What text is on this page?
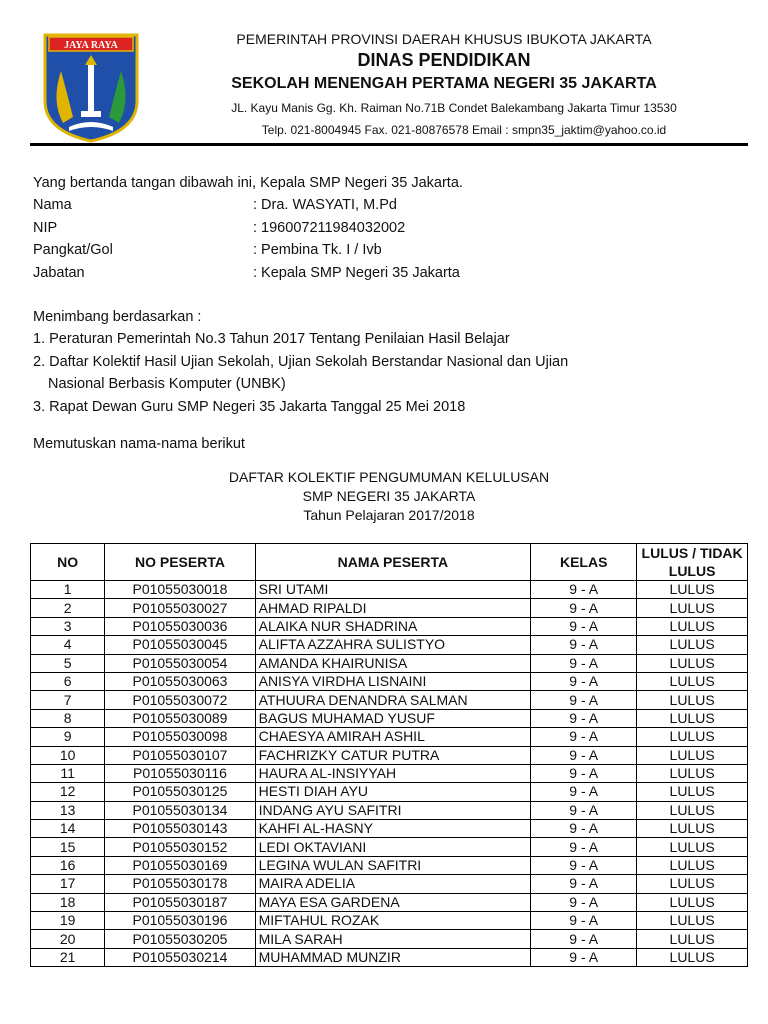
JAYA RAYA	PEMERINTAH PROVINSI DAERAH KHUSUS IBUKOTA JAKARTA
DINAS PENDIDIKAN
SEKOLAH MENENGAH PERTAMA NEGERI 35 JAKARTA
JL. Kayu Manis Gg. Kh. Raiman No.71B Condet Balekambang Jakarta Timur 13530
Telp. 021-8004945 Fax. 021-80876578 Email : smpn35_jaktim@yahoo.co.id
Yang bertanda tangan dibawah ini, Kepala SMP Negeri 35 Jakarta.
Nama	: Dra. WASYATI, M.Pd
NIP	: 196007211984032002
Pangkat/Gol	: Pembina Tk. I / Ivb
Jabatan	: Kepala SMP Negeri 35 Jakarta
Menimbang berdasarkan :
1. Peraturan Pemerintah No.3 Tahun 2017 Tentang Penilaian Hasil Belajar
2. Daftar Kolektif Hasil Ujian Sekolah, Ujian Sekolah Berstandar Nasional dan Ujian
Nasional Berbasis Komputer (UNBK)
3. Rapat Dewan Guru SMP Negeri 35 Jakarta Tanggal 25 Mei 2018
Memutuskan nama-nama berikut
DAFTAR KOLEKTIF PENGUMUMAN KELULUSAN
SMP NEGERI 35 JAKARTA
Tahun Pelajaran 2017/2018
NO	NO PESERTA	NAMA PESERTA	KELAS	LULUS / TIDAK
LULUS

1	P01055030018	SRI UTAMI	9 - A	LULUS
2	P01055030027	AHMAD RIPALDI	9 - A	LULUS
3	P01055030036	ALAIKA NUR SHADRINA	9 - A	LULUS
4	P01055030045	ALIFTA AZZAHRA SULISTYO	9 - A	LULUS
5	P01055030054	AMANDA KHAIRUNISA	9 - A	LULUS
6	P01055030063	ANISYA VIRDHA LISNAINI	9 - A	LULUS
7	P01055030072	ATHUURA DENANDRA SALMAN	9 - A	LULUS
8	P01055030089	BAGUS MUHAMAD YUSUF	9 - A	LULUS
9	P01055030098	CHAESYA AMIRAH ASHIL	9 - A	LULUS
10	P01055030107	FACHRIZKY CATUR PUTRA	9 - A	LULUS
11	P01055030116	HAURA AL-INSIYYAH	9 - A	LULUS
12	P01055030125	HESTI DIAH AYU	9 - A	LULUS
13	P01055030134	INDANG AYU SAFITRI	9 - A	LULUS
14	P01055030143	KAHFI AL-HASNY	9 - A	LULUS
15	P01055030152	LEDI OKTAVIANI	9 - A	LULUS
16	P01055030169	LEGINA WULAN SAFITRI	9 - A	LULUS
17	P01055030178	MAIRA ADELIA	9 - A	LULUS
18	P01055030187	MAYA ESA GARDENA	9 - A	LULUS
19	P01055030196	MIFTAHUL ROZAK	9 - A	LULUS
20	P01055030205	MILA SARAH	9 - A	LULUS
21	P01055030214	MUHAMMAD MUNZIR	9 - A	LULUS
